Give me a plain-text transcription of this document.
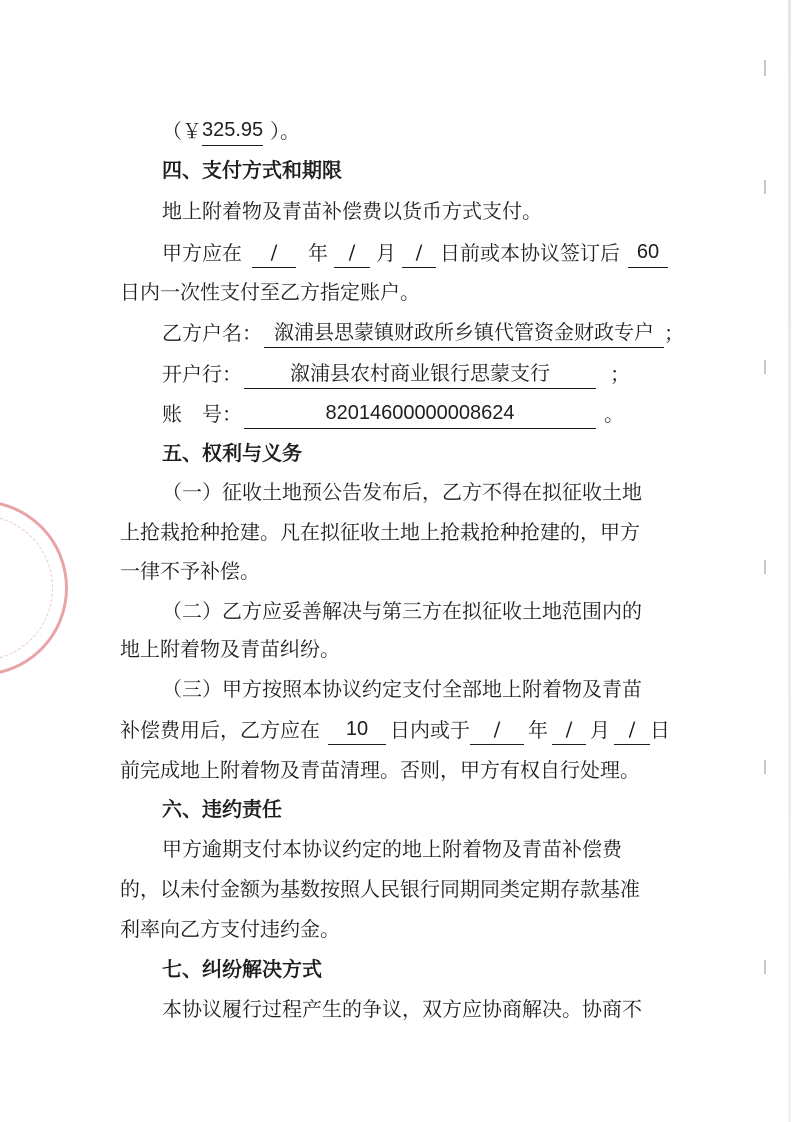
（￥ 325.95 ）。
四、支付方式和期限
地上附着物及青苗补偿费以货币方式支付。
甲方应在	/	年	/	月 / 日前或本协议签订后 60
日内一次性支付至乙方指定账户。
乙方户名： 溆浦县思蒙镇财政所乡镇代管资金财政专户 ；
开户行：	溆浦县农村商业银行思蒙支行	；
账　号：	82014600000008624	。
五、权利与义务
（一）征收土地预公告发布后，乙方不得在拟征收土地
上抢栽抢种抢建。凡在拟征收土地上抢栽抢种抢建的，甲方
一律不予补偿。
（二）乙方应妥善解决与第三方在拟征收土地范围内的
地上附着物及青苗纠纷。
（三）甲方按照本协议约定支付全部地上附着物及青苗
补偿费用后，乙方应在	10	日内或于	/	年 / 月 / 日
前完成地上附着物及青苗清理。否则，甲方有权自行处理。
六、违约责任
甲方逾期支付本协议约定的地上附着物及青苗补偿费
的，以未付金额为基数按照人民银行同期同类定期存款基准
利率向乙方支付违约金。
七、纠纷解决方式
本协议履行过程产生的争议，双方应协商解决。协商不
